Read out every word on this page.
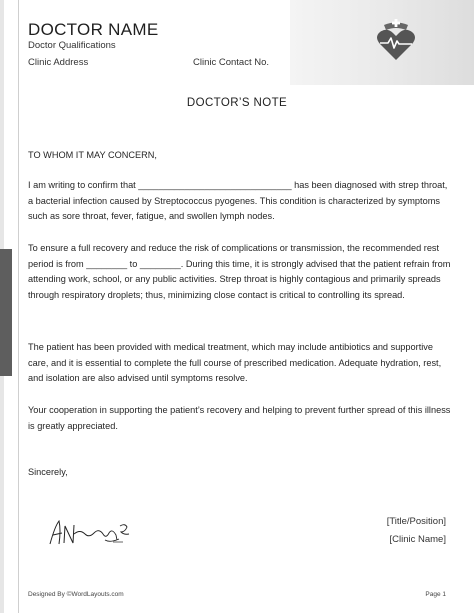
DOCTOR NAME
Doctor Qualifications
Clinic Address	Clinic Contact No.
DOCTOR’S NOTE
TO WHOM IT MAY CONCERN,
I am writing to confirm that ______________________________ has been diagnosed with strep throat, a bacterial infection caused by Streptococcus pyogenes. This condition is characterized by symptoms such as sore throat, fever, fatigue, and swollen lymph nodes.
To ensure a full recovery and reduce the risk of complications or transmission, the recommended rest period is from ________ to ________. During this time, it is strongly advised that the patient refrain from attending work, school, or any public activities. Strep throat is highly contagious and primarily spreads through respiratory droplets; thus, minimizing close contact is critical to controlling its spread.
The patient has been provided with medical treatment, which may include antibiotics and supportive care, and it is essential to complete the full course of prescribed medication. Adequate hydration, rest, and isolation are also advised until symptoms resolve.
Your cooperation in supporting the patient’s recovery and helping to prevent further spread of this illness is greatly appreciated.
Sincerely,
[Title/Position]
[Clinic Name]
Designed By ©WordLayouts.com	Page 1
